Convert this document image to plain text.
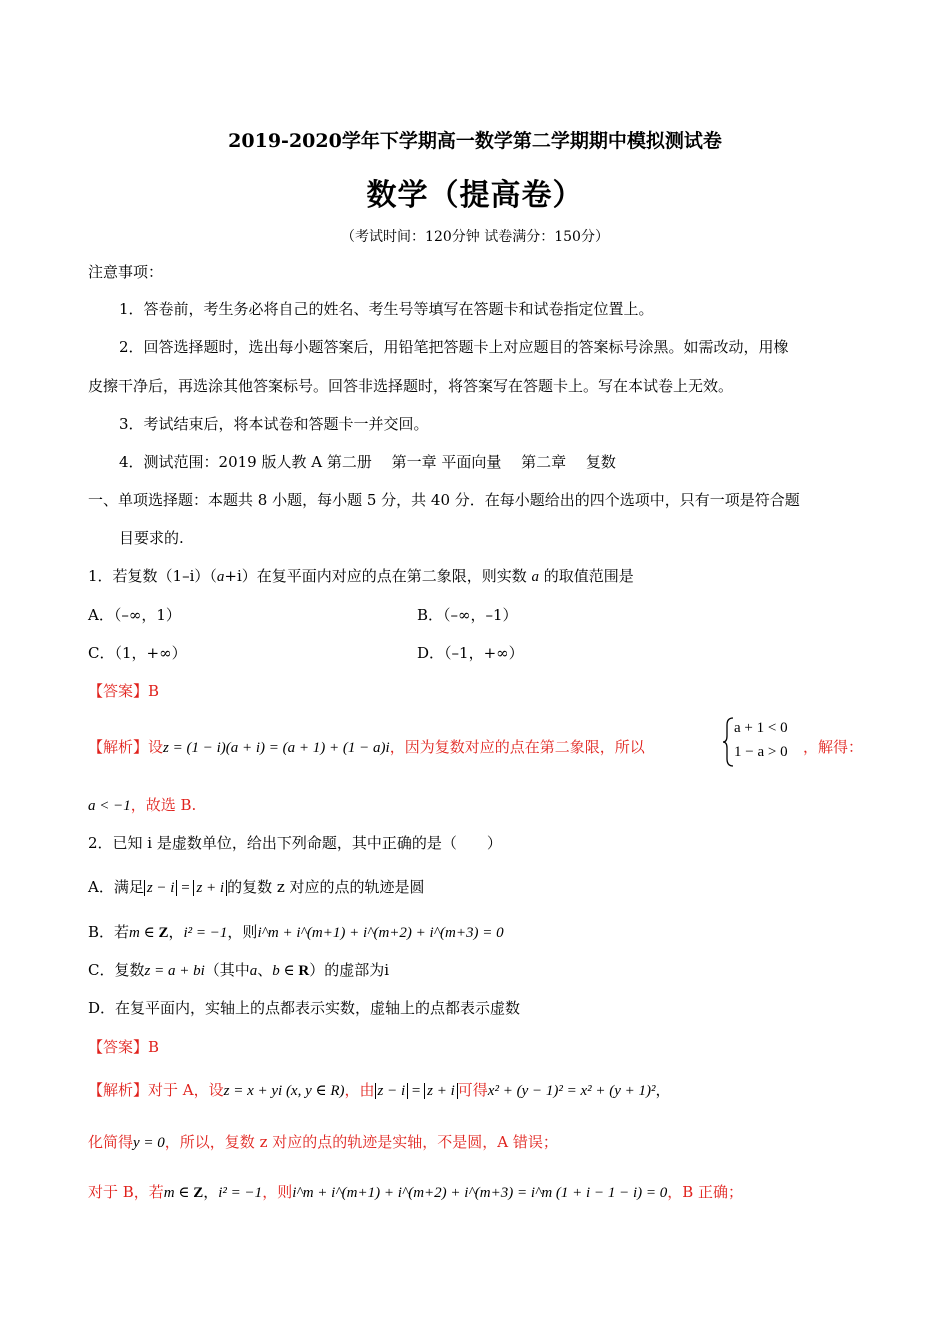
2019-2020学年下学期高一数学第二学期期中模拟测试卷
数学（提高卷）
（考试时间：120分钟 试卷满分：150分）
注意事项：
1．答卷前，考生务必将自己的姓名、考生号等填写在答题卡和试卷指定位置上。
2．回答选择题时，选出每小题答案后，用铅笔把答题卡上对应题目的答案标号涂黑。如需改动，用橡
皮擦干净后，再选涂其他答案标号。回答非选择题时，将答案写在答题卡上。写在本试卷上无效。
3．考试结束后，将本试卷和答题卡一并交回。
4．测试范围：2019 版人教 A 第二册　 第一章 平面向量　 第二章　 复数
一、单项选择题：本题共 8 小题，每小题 5 分，共 40 分．在每小题给出的四个选项中，只有一项是符合题
目要求的.
1．若复数（1–i）（a+i）在复平面内对应的点在第二象限，则实数 a 的取值范围是
A．（–∞，1）	B．（–∞，–1）
C．（1，+∞）	D．（–1，+∞）
【答案】B
【解析】设z = (1 − i)(a + i) = (a + 1) + (1 − a)i，因为复数对应的点在第二象限，所以
a + 1 < 0
1 − a > 0 ，解得：
a < −1，故选 B.
2．已知 i 是虚数单位，给出下列命题，其中正确的是（　　）
A．满足 z − i = z + i 的复数 z 对应的点的轨迹是圆
B．若m ∈ Z，i² = −1，则i^m + i^(m+1) + i^(m+2) + i^(m+3) = 0
C．复数z = a + bi（其中a、b ∈ R）的虚部为i
D．在复平面内，实轴上的点都表示实数，虚轴上的点都表示虚数
【答案】B
【解析】对于 A，设z = x + yi (x, y ∈ R)，由 z − i = z + i 可得x² + (y − 1)² = x² + (y + 1)²，
化简得y = 0，所以，复数 z 对应的点的轨迹是实轴，不是圆，A 错误；
对于 B，若m ∈ Z，i² = −1，则i^m + i^(m+1) + i^(m+2) + i^(m+3) = i^m (1 + i − 1 − i) = 0，B 正确；
